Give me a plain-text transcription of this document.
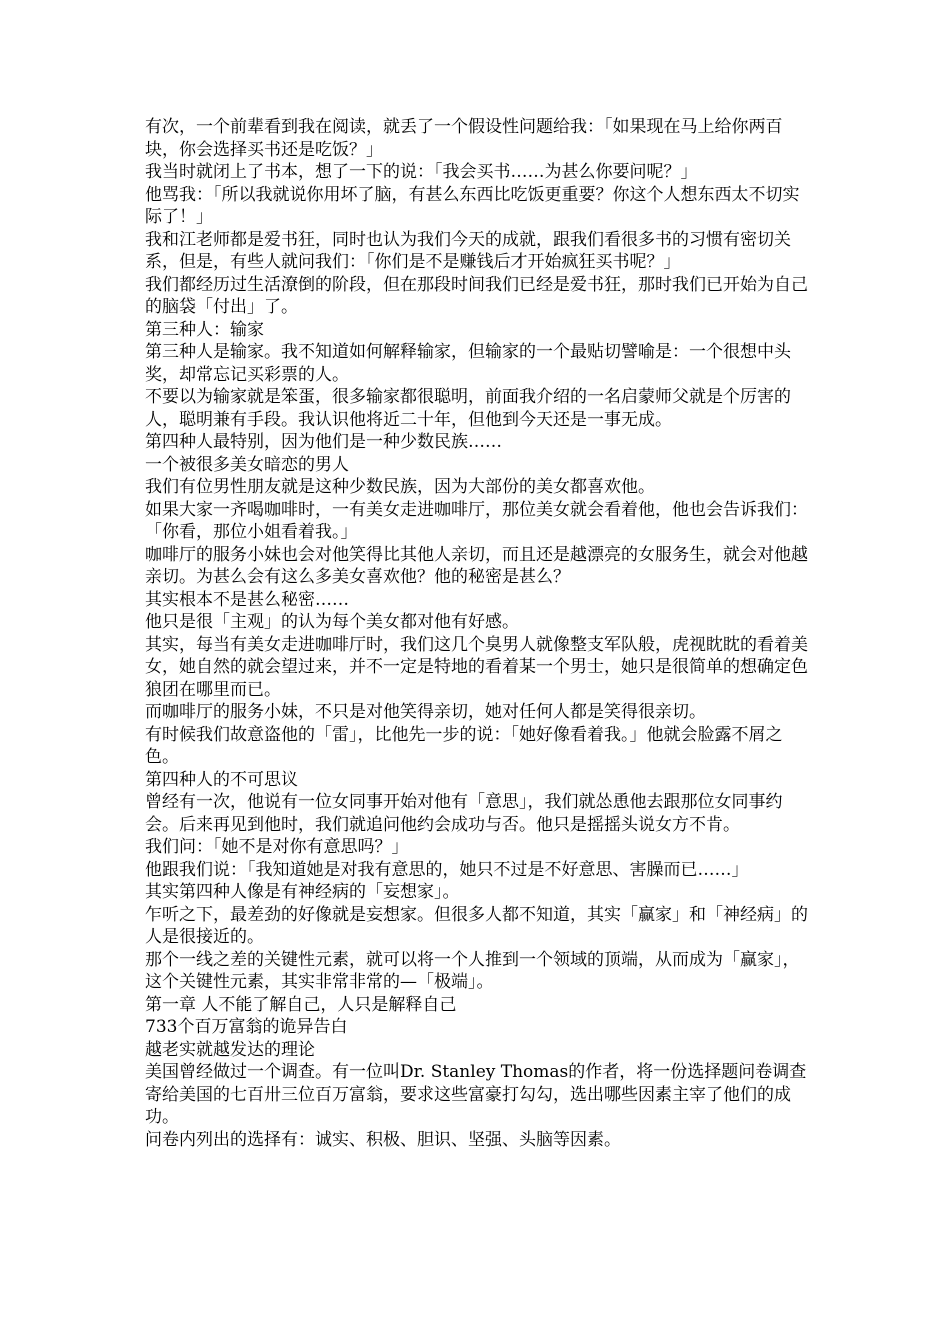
有次，一个前辈看到我在阅读，就丢了一个假设性问题给我：「如果现在马上给你两百块，你会选择买书还是吃饭？」

我当时就闭上了书本，想了一下的说：「我会买书……为甚么你要问呢？」

他骂我：「所以我就说你用坏了脑，有甚么东西比吃饭更重要？你这个人想东西太不切实际了！」

我和江老师都是爱书狂，同时也认为我们今天的成就，跟我们看很多书的习惯有密切关系，但是，有些人就问我们：「你们是不是赚钱后才开始疯狂买书呢？」

我们都经历过生活潦倒的阶段，但在那段时间我们已经是爱书狂，那时我们已开始为自己的脑袋「付出」了。

第三种人：输家

第三种人是输家。我不知道如何解释输家，但输家的一个最贴切譬喻是：一个很想中头奖，却常忘记买彩票的人。

不要以为输家就是笨蛋，很多输家都很聪明，前面我介绍的一名启蒙师父就是个厉害的人，聪明兼有手段。我认识他将近二十年，但他到今天还是一事无成。

第四种人最特别，因为他们是一种少数民族……

一个被很多美女暗恋的男人

我们有位男性朋友就是这种少数民族，因为大部份的美女都喜欢他。

如果大家一齐喝咖啡时，一有美女走进咖啡厅，那位美女就会看着他，他也会告诉我们：「你看，那位小姐看着我。」

咖啡厅的服务小妹也会对他笑得比其他人亲切，而且还是越漂亮的女服务生，就会对他越亲切。为甚么会有这么多美女喜欢他？他的秘密是甚么？

其实根本不是甚么秘密……

他只是很「主观」的认为每个美女都对他有好感。

其实，每当有美女走进咖啡厅时，我们这几个臭男人就像整支军队般，虎视眈眈的看着美女，她自然的就会望过来，并不一定是特地的看着某一个男士，她只是很简单的想确定色狼团在哪里而已。

而咖啡厅的服务小妹，不只是对他笑得亲切，她对任何人都是笑得很亲切。

有时候我们故意盗他的「雷」，比他先一步的说：「她好像看着我。」他就会脸露不屑之色。

第四种人的不可思议

曾经有一次，他说有一位女同事开始对他有「意思」，我们就怂恿他去跟那位女同事约会。后来再见到他时，我们就追问他约会成功与否。他只是摇摇头说女方不肯。

我们问：「她不是对你有意思吗？」

他跟我们说：「我知道她是对我有意思的，她只不过是不好意思、害臊而已……」

其实第四种人像是有神经病的「妄想家」。

乍听之下，最差劲的好像就是妄想家。但很多人都不知道，其实「赢家」和「神经病」的人是很接近的。

那个一线之差的关键性元素，就可以将一个人推到一个领域的顶端，从而成为「赢家」，这个关键性元素，其实非常非常的—「极端」。

第一章 人不能了解自己，人只是解释自己

733个百万富翁的诡异告白

越老实就越发达的理论

美国曾经做过一个调查。有一位叫Dr. Stanley Thomas的作者，将一份选择题问卷调查寄给美国的七百卅三位百万富翁，要求这些富豪打勾勾，选出哪些因素主宰了他们的成功。

问卷内列出的选择有：诚实、积极、胆识、坚强、头脑等因素。
